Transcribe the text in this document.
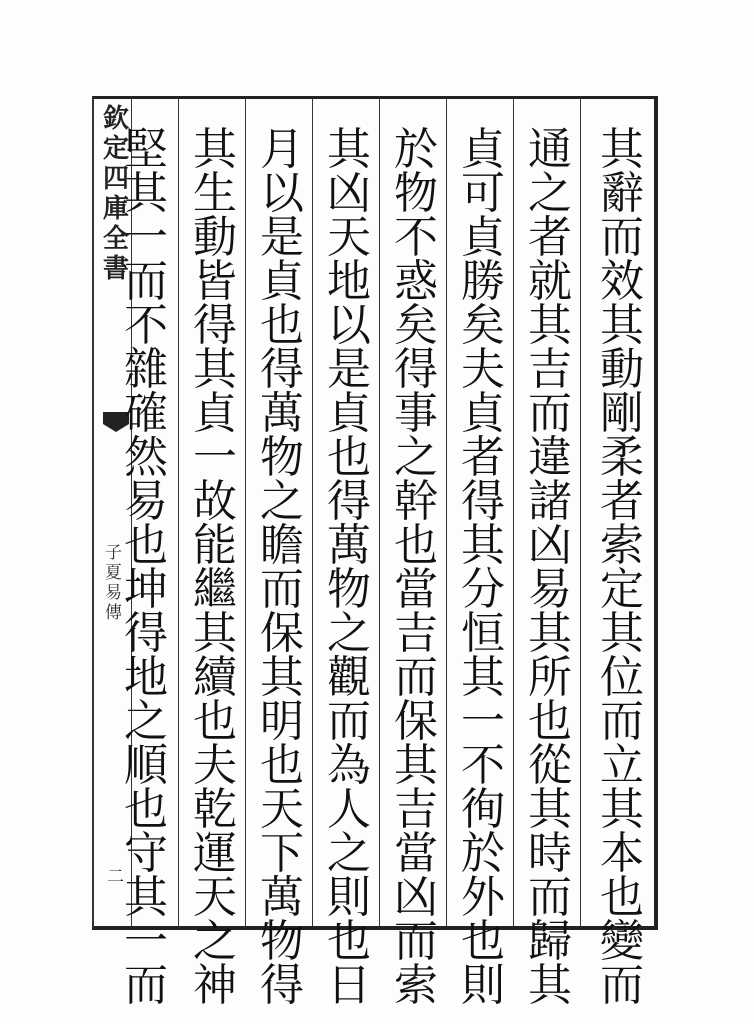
欽
定
四
庫
全
書
子
夏
易
傳
二
其
辭
而
效
其
動
剛
柔
者
索
定
其
位
而
立
其
本
也
變
而
通
之
者
就
其
吉
而
違
諸
凶
易
其
所
也
從
其
時
而
歸
其
貞
可
貞
勝
矣
夫
貞
者
得
其
分
恒
其
一
不
徇
於
外
也
則
於
物
不
惑
矣
得
事
之
幹
也
當
吉
而
保
其
吉
當
凶
而
索
其
凶
天
地
以
是
貞
也
得
萬
物
之
觀
而
為
人
之
則
也
日
月
以
是
貞
也
得
萬
物
之
瞻
而
保
其
明
也
天
下
萬
物
得
其
生
動
皆
得
其
貞
一
故
能
繼
其
續
也
夫
乾
運
天
之
神
堅
其
一
而
不
雜
確
然
易
也
坤
得
地
之
順
也
守
其
一
而
